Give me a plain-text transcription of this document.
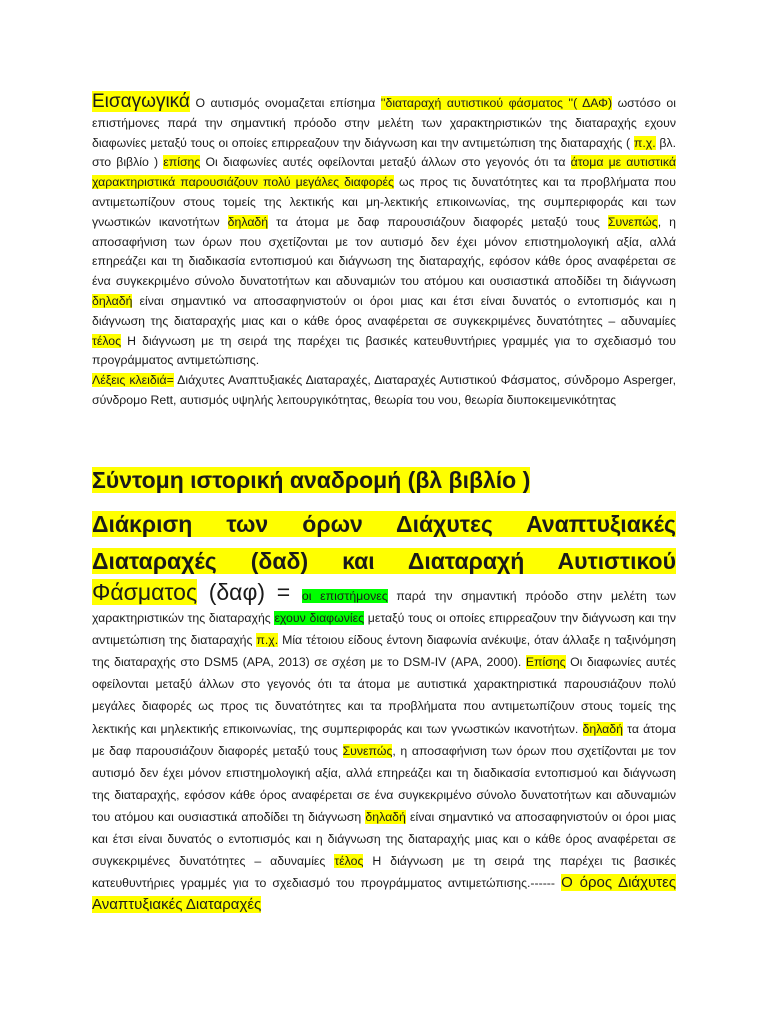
Εισαγωγικά Ο αυτισμός ονομαζεται επίσημα ''διαταραχή αυτιστικού φάσματος ''( ΔΑΦ) ωστόσο οι επιστήμονες παρά την σημαντική πρόοδο στην μελέτη των χαρακτηριστικών της διαταραχής εχουν διαφωνίες μεταξύ τους οι οποίες επιρρεαζουν την διάγνωση και την αντιμετώπιση της διαταραχής ( π.χ. βλ. στο βιβλίο ) επίσης Οι διαφωνίες αυτές οφείλονται μεταξύ άλλων στο γεγονός ότι τα άτομα με αυτιστικά χαρακτηριστικά παρουσιάζουν πολύ μεγάλες διαφορές ως προς τις δυνατότητες και τα προβλήματα που αντιμετωπίζουν στους τομείς της λεκτικής και μη-λεκτικής επικοινωνίας, της συμπεριφοράς και των γνωστικών ικανοτήτων δηλαδή τα άτομα με δαφ παρουσιάζουν διαφορές μεταξύ τους Συνεπώς, η αποσαφήνιση των όρων που σχετίζονται με τον αυτισμό δεν έχει μόνον επιστημολογική αξία, αλλά επηρεάζει και τη διαδικασία εντοπισμού και διάγνωση της διαταραχής, εφόσον κάθε όρος αναφέρεται σε ένα συγκεκριμένο σύνολο δυνατοτήτων και αδυναμιών του ατόμου και ουσιαστικά αποδίδει τη διάγνωση δηλαδή είναι σημαντικό να αποσαφηνιστούν οι όροι μιας και έτσι είναι δυνατός ο εντοπισμός και η διάγνωση της διαταραχής μιας και ο κάθε όρος αναφέρεται σε συγκεκριμένες δυνατότητες – αδυναμίες τέλος Η διάγνωση με τη σειρά της παρέχει τις βασικές κατευθυντήριες γραμμές για το σχεδιασμό του προγράμματος αντιμετώπισης.

Λέξεις κλειδιά= Διάχυτες Αναπτυξιακές Διαταραχές, Διαταραχές Αυτιστικού Φάσματος, σύνδρομο Asperger, σύνδρομο Rett, αυτισμός υψηλής λειτουργικότητας, θεωρία του νου, θεωρία διυποκειμενικότητας

Σύντομη ιστορική αναδρομή (βλ βιβλίο )
Διάκριση των όρων Διάχυτες Αναπτυξιακές Διαταραχές (δαδ) και Διαταραχή Αυτιστικού

Φάσματος (δαφ) = οι επιστήμονες παρά την σημαντική πρόοδο στην μελέτη των χαρακτηριστικών της διαταραχής εχουν διαφωνίες μεταξύ τους οι οποίες επιρρεαζουν την διάγνωση και την αντιμετώπιση της διαταραχής π.χ. Μία τέτοιου είδους έντονη διαφωνία ανέκυψε, όταν άλλαξε η ταξινόμηση της διαταραχής στο DSM5 (APA, 2013) σε σχέση με το DSM-IV (APA, 2000). Επίσης Οι διαφωνίες αυτές οφείλονται μεταξύ άλλων στο γεγονός ότι τα άτομα με αυτιστικά χαρακτηριστικά παρουσιάζουν πολύ μεγάλες διαφορές ως προς τις δυνατότητες και τα προβλήματα που αντιμετωπίζουν στους τομείς της λεκτικής και μηλεκτικής επικοινωνίας, της συμπεριφοράς και των γνωστικών ικανοτήτων. δηλαδή τα άτομα με δαφ παρουσιάζουν διαφορές μεταξύ τους Συνεπώς, η αποσαφήνιση των όρων που σχετίζονται με τον αυτισμό δεν έχει μόνον επιστημολογική αξία, αλλά επηρεάζει και τη διαδικασία εντοπισμού και διάγνωση της διαταραχής, εφόσον κάθε όρος αναφέρεται σε ένα συγκεκριμένο σύνολο δυνατοτήτων και αδυναμιών του ατόμου και ουσιαστικά αποδίδει τη διάγνωση δηλαδή είναι σημαντικό να αποσαφηνιστούν οι όροι μιας και έτσι είναι δυνατός ο εντοπισμός και η διάγνωση της διαταραχής μιας και ο κάθε όρος αναφέρεται σε συγκεκριμένες δυνατότητες – αδυναμίες τέλος Η διάγνωση με τη σειρά της παρέχει τις βασικές κατευθυντήριες γραμμές για το σχεδιασμό του προγράμματος αντιμετώπισης.------ Ο όρος Διάχυτες Αναπτυξιακές Διαταραχές
